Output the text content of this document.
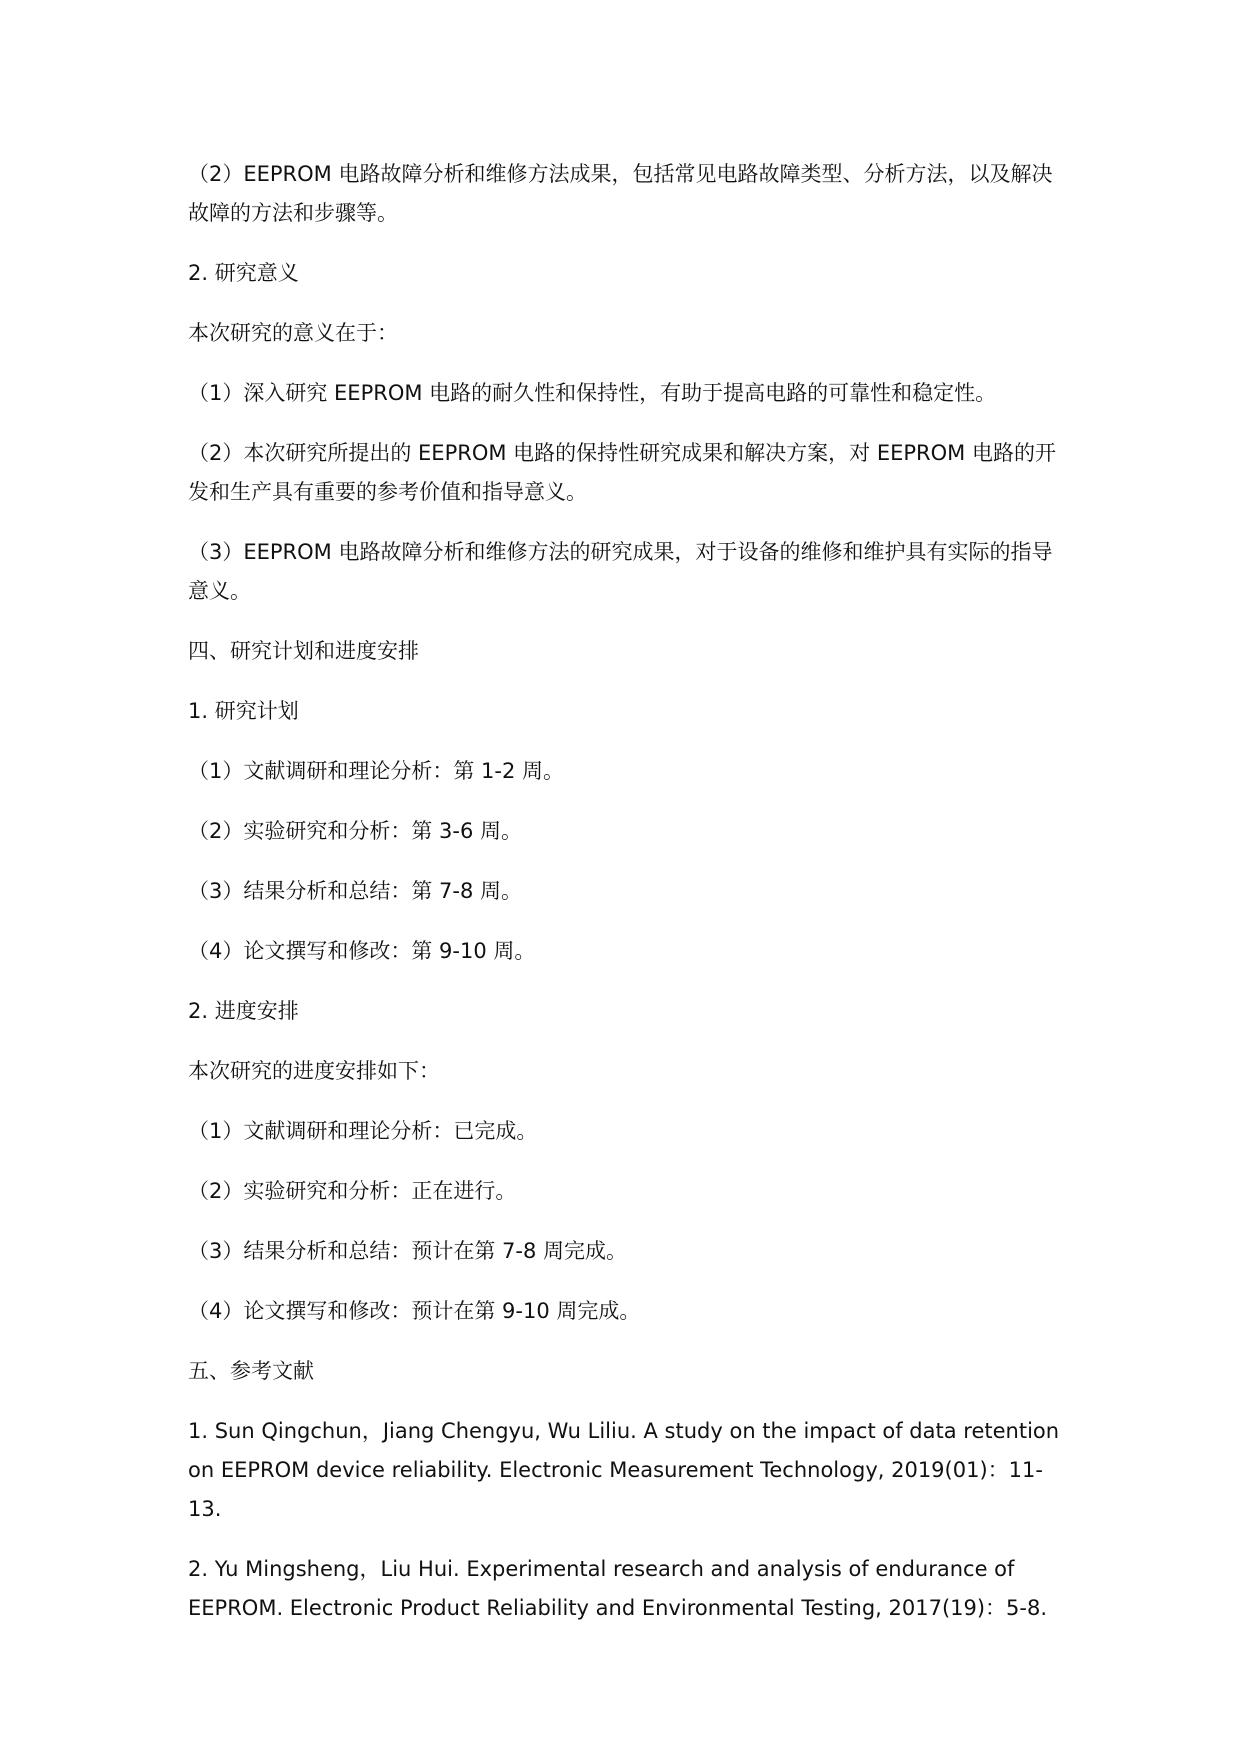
（2）EEPROM 电路故障分析和维修方法成果，包括常见电路故障类型、分析方法，以及解决故障的方法和步骤等。

2. 研究意义

本次研究的意义在于：

（1）深入研究 EEPROM 电路的耐久性和保持性，有助于提高电路的可靠性和稳定性。

（2）本次研究所提出的 EEPROM 电路的保持性研究成果和解决方案，对 EEPROM 电路的开发和生产具有重要的参考价值和指导意义。

（3）EEPROM 电路故障分析和维修方法的研究成果，对于设备的维修和维护具有实际的指导意义。

四、研究计划和进度安排

1. 研究计划

（1）文献调研和理论分析：第 1-2 周。

（2）实验研究和分析：第 3-6 周。

（3）结果分析和总结：第 7-8 周。

（4）论文撰写和修改：第 9-10 周。

2. 进度安排

本次研究的进度安排如下：

（1）文献调研和理论分析：已完成。

（2）实验研究和分析：正在进行。

（3）结果分析和总结：预计在第 7-8 周完成。

（4）论文撰写和修改：预计在第 9-10 周完成。

五、参考文献

1. Sun Qingchun，Jiang Chengyu, Wu Liliu. A study on the impact of data retention on EEPROM device reliability. Electronic Measurement Technology, 2019(01)：11-13.

2. Yu Mingsheng，Liu Hui. Experimental research and analysis of endurance of EEPROM. Electronic Product Reliability and Environmental Testing, 2017(19)：5-8.
